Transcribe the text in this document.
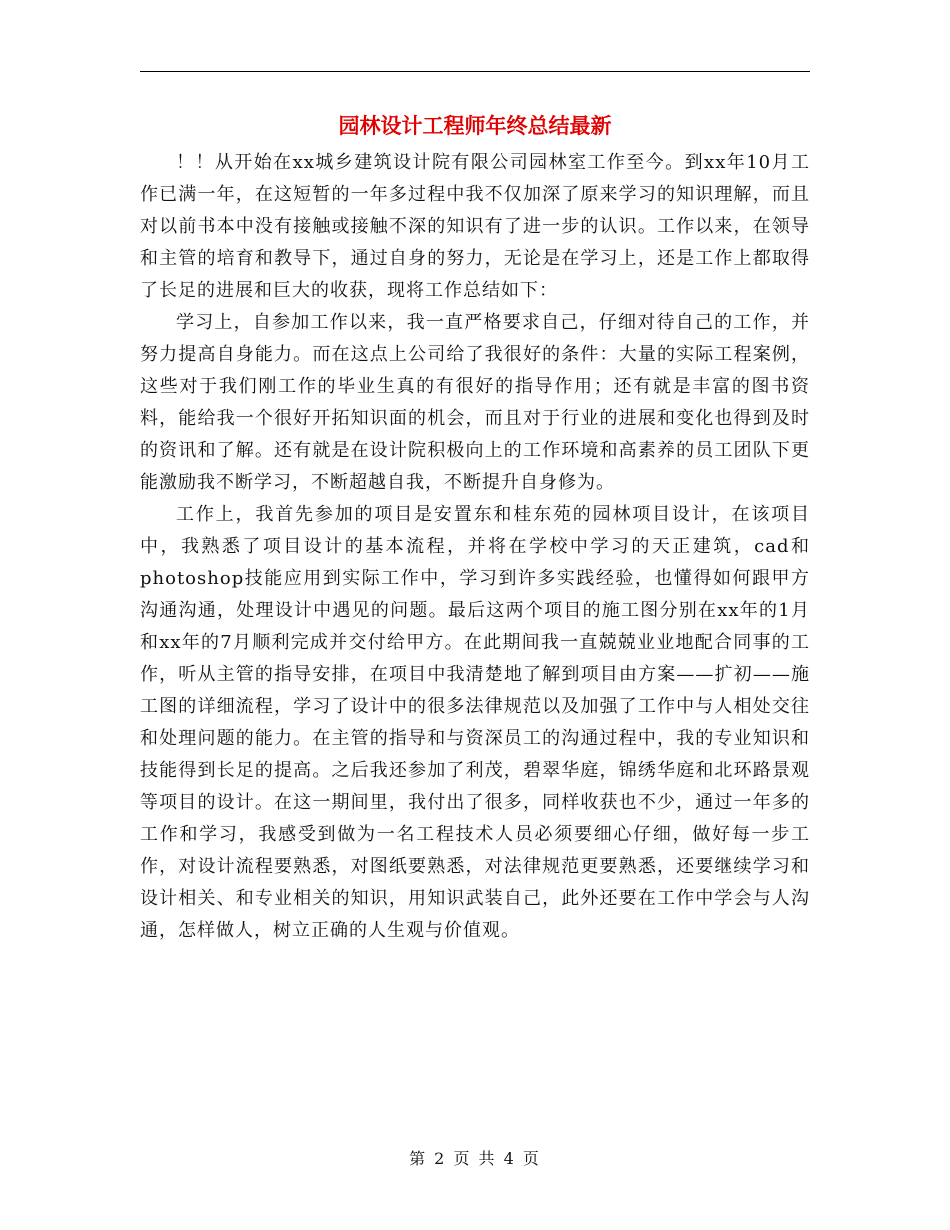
园林设计工程师年终总结最新

！！从开始在xx城乡建筑设计院有限公司园林室工作至今。到xx年10月工作已满一年，在这短暂的一年多过程中我不仅加深了原来学习的知识理解，而且对以前书本中没有接触或接触不深的知识有了进一步的认识。工作以来，在领导和主管的培育和教导下，通过自身的努力，无论是在学习上，还是工作上都取得了长足的进展和巨大的收获，现将工作总结如下：

学习上，自参加工作以来，我一直严格要求自己，仔细对待自己的工作，并努力提高自身能力。而在这点上公司给了我很好的条件：大量的实际工程案例，这些对于我们刚工作的毕业生真的有很好的指导作用；还有就是丰富的图书资料，能给我一个很好开拓知识面的机会，而且对于行业的进展和变化也得到及时的资讯和了解。还有就是在设计院积极向上的工作环境和高素养的员工团队下更能激励我不断学习，不断超越自我，不断提升自身修为。

工作上，我首先参加的项目是安置东和桂东苑的园林项目设计，在该项目中，我熟悉了项目设计的基本流程，并将在学校中学习的天正建筑，cad和photoshop技能应用到实际工作中，学习到许多实践经验，也懂得如何跟甲方沟通沟通，处理设计中遇见的问题。最后这两个项目的施工图分别在xx年的1月和xx年的7月顺利完成并交付给甲方。在此期间我一直兢兢业业地配合同事的工作，听从主管的指导安排，在项目中我清楚地了解到项目由方案——扩初——施工图的详细流程，学习了设计中的很多法律规范以及加强了工作中与人相处交往和处理问题的能力。在主管的指导和与资深员工的沟通过程中，我的专业知识和技能得到长足的提高。之后我还参加了利茂，碧翠华庭，锦绣华庭和北环路景观等项目的设计。在这一期间里，我付出了很多，同样收获也不少，通过一年多的工作和学习，我感受到做为一名工程技术人员必须要细心仔细，做好每一步工作，对设计流程要熟悉，对图纸要熟悉，对法律规范更要熟悉，还要继续学习和设计相关、和专业相关的知识，用知识武装自己，此外还要在工作中学会与人沟通，怎样做人，树立正确的人生观与价值观。

第 2 页 共 4 页
